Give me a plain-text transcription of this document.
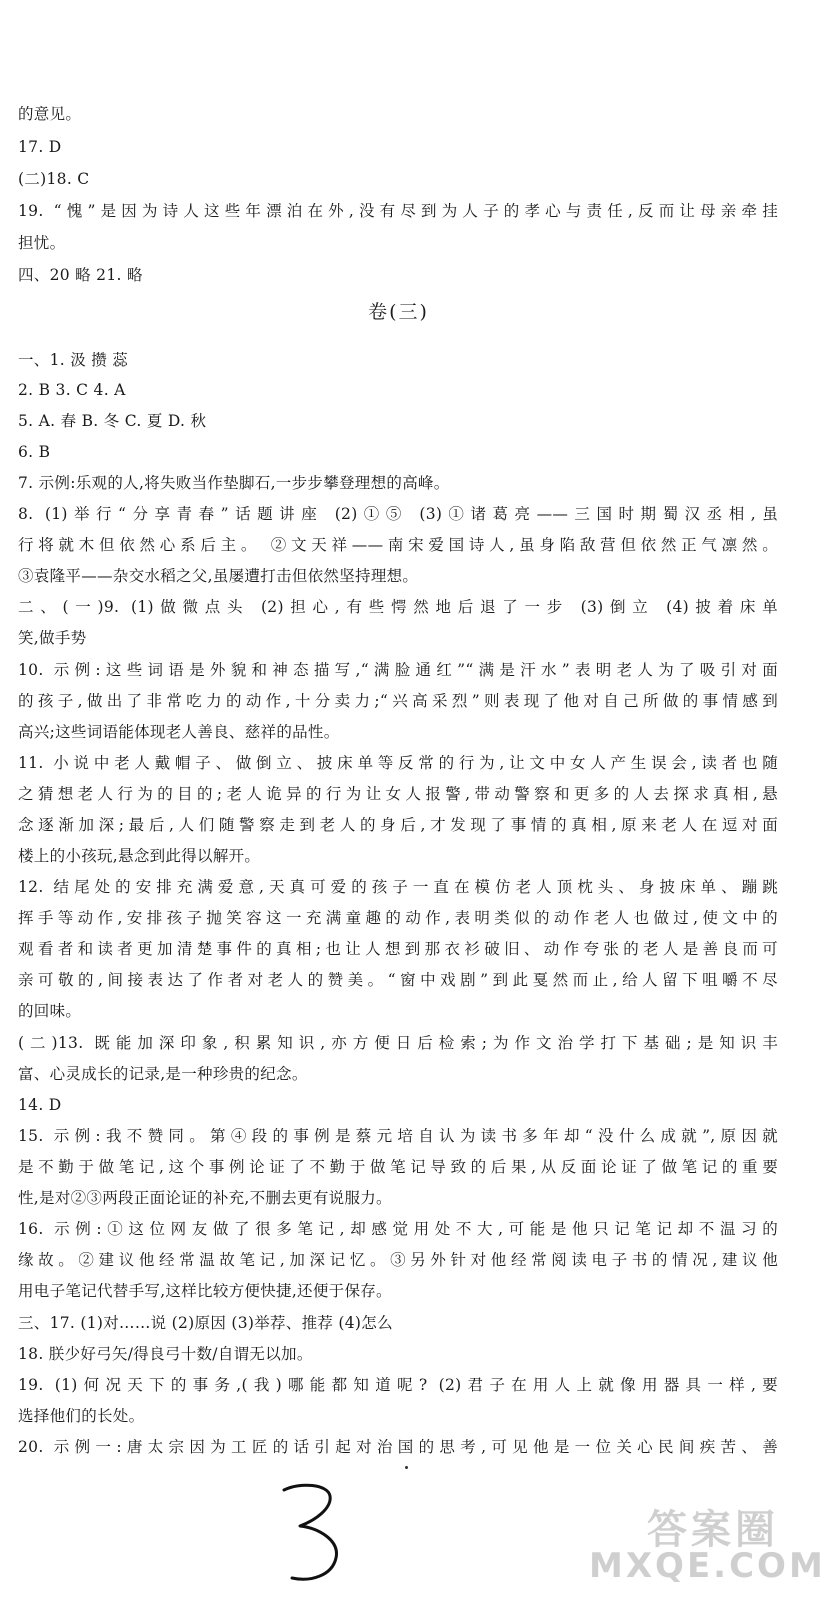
的意见。
17. D
(二)18. C
19. “愧”是因为诗人这些年漂泊在外,没有尽到为人子的孝心与责任,反而让母亲牵挂
担忧。
四、20 略 21. 略
卷(三)
一、1. 汲 攒 蕊
2. B 3. C 4. A
5. A. 春 B. 冬 C. 夏 D. 秋
6. B
7. 示例:乐观的人,将失败当作垫脚石,一步步攀登理想的高峰。
8. (1)举行“分享青春”话题讲座 (2)①⑤ (3)①诸葛亮——三国时期蜀汉丞相,虽
行将就木但依然心系后主。 ②文天祥——南宋爱国诗人,虽身陷敌营但依然正气凛然。
③袁隆平——杂交水稻之父,虽屡遭打击但依然坚持理想。
二、(一)9. (1)做微点头 (2)担心,有些愕然地后退了一步 (3)倒立 (4)披着床单
笑,做手势
10. 示例:这些词语是外貌和神态描写,“满脸通红”“满是汗水”表明老人为了吸引对面
的孩子,做出了非常吃力的动作,十分卖力;“兴高采烈”则表现了他对自己所做的事情感到
高兴;这些词语能体现老人善良、慈祥的品性。
11. 小说中老人戴帽子、做倒立、披床单等反常的行为,让文中女人产生误会,读者也随
之猜想老人行为的目的;老人诡异的行为让女人报警,带动警察和更多的人去探求真相,悬
念逐渐加深;最后,人们随警察走到老人的身后,才发现了事情的真相,原来老人在逗对面
楼上的小孩玩,悬念到此得以解开。
12. 结尾处的安排充满爱意,天真可爱的孩子一直在模仿老人顶枕头、身披床单、蹦跳
挥手等动作,安排孩子抛笑容这一充满童趣的动作,表明类似的动作老人也做过,使文中的
观看者和读者更加清楚事件的真相;也让人想到那衣衫破旧、动作夸张的老人是善良而可
亲可敬的,间接表达了作者对老人的赞美。“窗中戏剧”到此戛然而止,给人留下咀嚼不尽
的回味。
(二)13. 既能加深印象,积累知识,亦方便日后检索;为作文治学打下基础;是知识丰
富、心灵成长的记录,是一种珍贵的纪念。
14. D
15. 示例:我不赞同。第④段的事例是蔡元培自认为读书多年却“没什么成就”,原因就
是不勤于做笔记,这个事例论证了不勤于做笔记导致的后果,从反面论证了做笔记的重要
性,是对②③两段正面论证的补充,不删去更有说服力。
16. 示例:①这位网友做了很多笔记,却感觉用处不大,可能是他只记笔记却不温习的
缘故。②建议他经常温故笔记,加深记忆。③另外针对他经常阅读电子书的情况,建议他
用电子笔记代替手写,这样比较方便快捷,还便于保存。
三、17. (1)对……说 (2)原因 (3)举荐、推荐 (4)怎么
18. 朕少好弓矢/得良弓十数/自谓无以加。
19. (1)何况天下的事务,(我)哪能都知道呢? (2)君子在用人上就像用器具一样,要
选择他们的长处。
20. 示例一:唐太宗因为工匠的话引起对治国的思考,可见他是一位关心民间疾苦、善
答案圈
MXQE.COM
